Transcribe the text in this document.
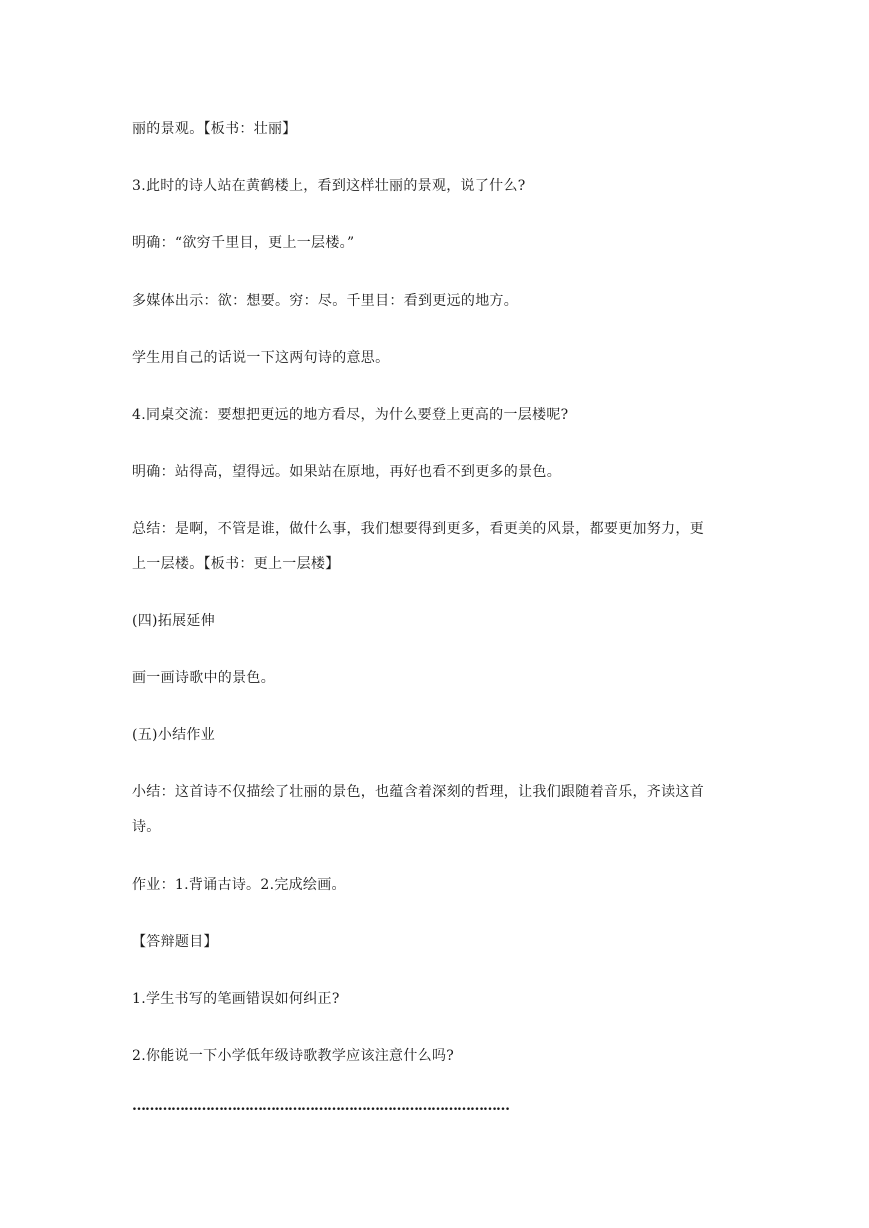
丽的景观。【板书：壮丽】
3.此时的诗人站在黄鹤楼上，看到这样壮丽的景观，说了什么?
明确：“欲穷千里目，更上一层楼。”
多媒体出示：欲：想要。穷：尽。千里目：看到更远的地方。
学生用自己的话说一下这两句诗的意思。
4.同桌交流：要想把更远的地方看尽，为什么要登上更高的一层楼呢?
明确：站得高，望得远。如果站在原地，再好也看不到更多的景色。
总结：是啊，不管是谁，做什么事，我们想要得到更多，看更美的风景，都要更加努力，更
上一层楼。【板书：更上一层楼】
(四)拓展延伸
画一画诗歌中的景色。
(五)小结作业
小结：这首诗不仅描绘了壮丽的景色，也蕴含着深刻的哲理，让我们跟随着音乐，齐读这首
诗。
作业：1.背诵古诗。2.完成绘画。
【答辩题目】
1.学生书写的笔画错误如何纠正?
2.你能说一下小学低年级诗歌教学应该注意什么吗?
……………………………………………………………………………
